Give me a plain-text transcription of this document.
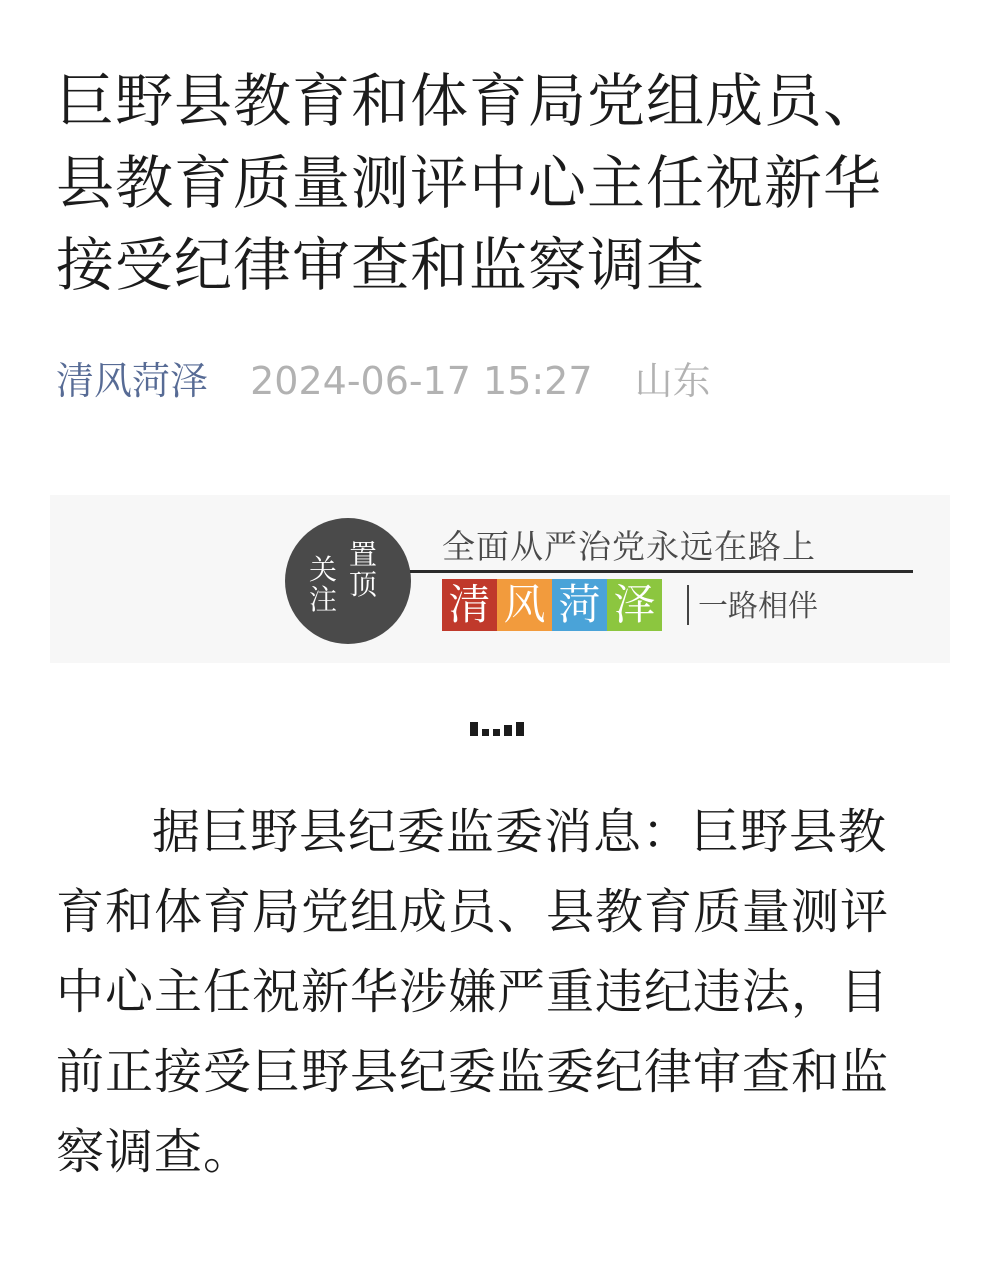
巨野县教育和体育局党组成员、
县教育质量测评中心主任祝新华
接受纪律审查和监察调查
清风菏泽 2024-06-17 15:27 山东
关注
置顶
全面从严治党永远在路上
清 风 菏 泽 一路相伴

据巨野县纪委监委消息：巨野县教
育和体育局党组成员、县教育质量测评
中心主任祝新华涉嫌严重违纪违法，目
前正接受巨野县纪委监委纪律审查和监
察调查。
